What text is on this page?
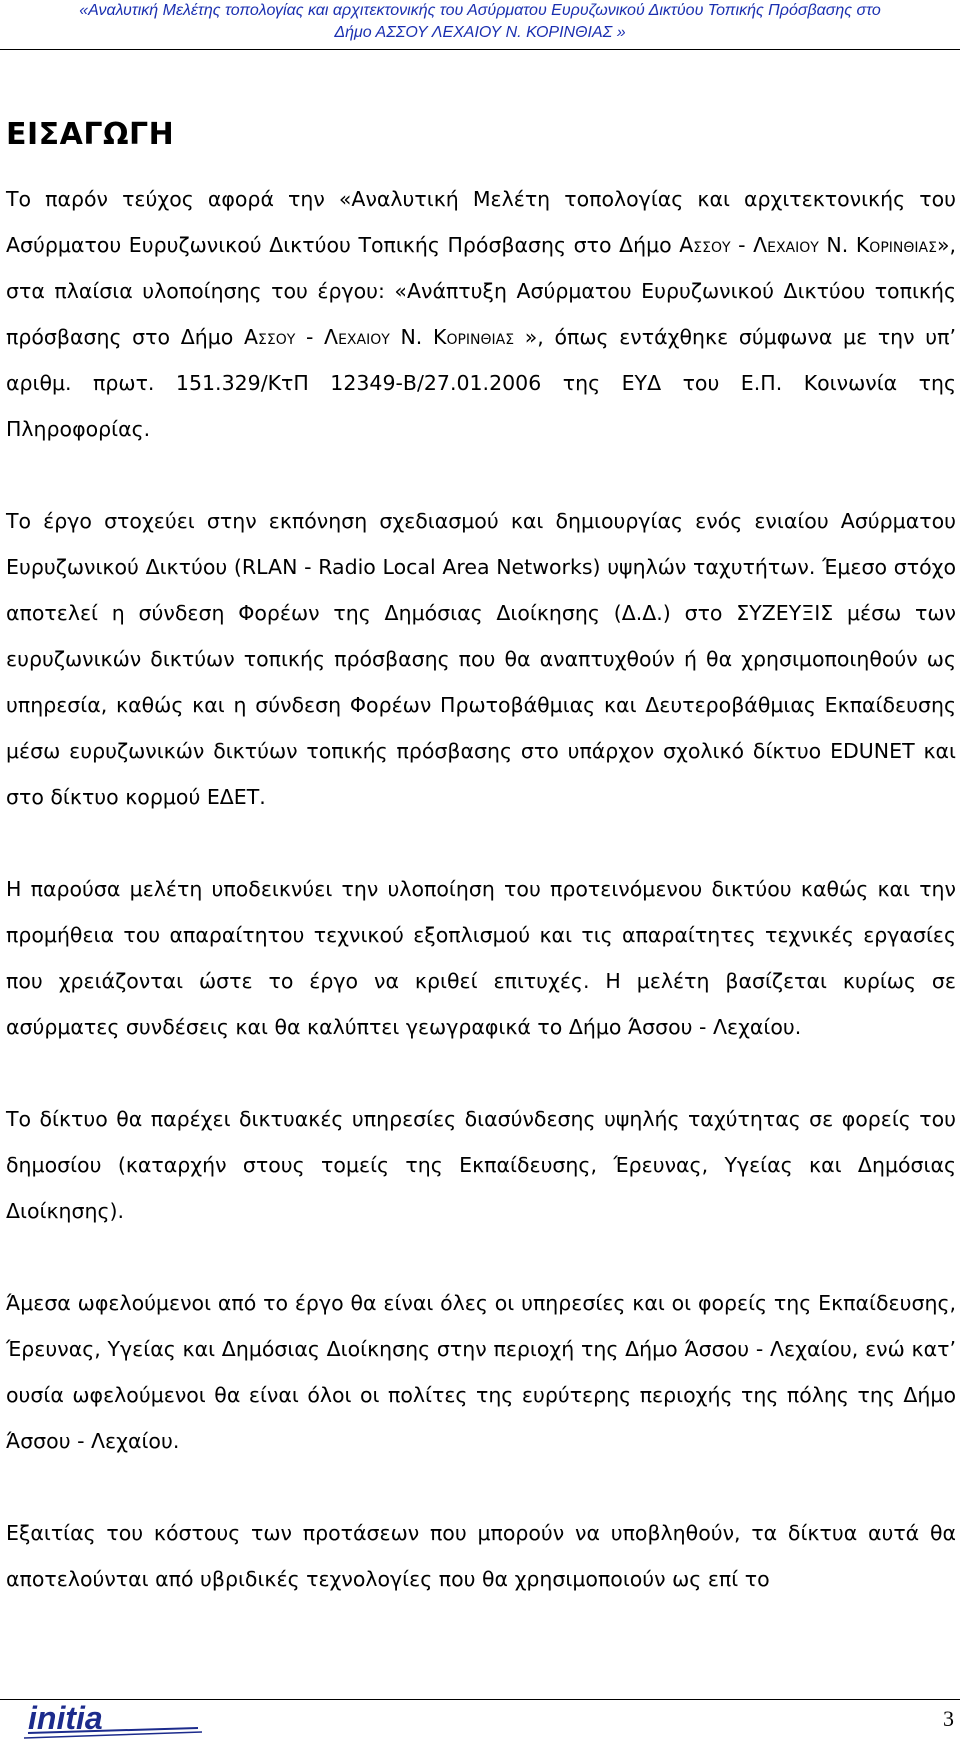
«Αναλυτική Μελέτης τοπολογίας και αρχιτεκτονικής του Ασύρματου Ευρυζωνικού Δικτύου Τοπικής Πρόσβασης στο
Δήμο ΑΣΣΟΥ ΛΕΧΑΙΟΥ Ν. ΚΟΡΙΝΘΙΑΣ »
ΕΙΣΑΓΩΓΗ

Το παρόν τεύχος αφορά την «Αναλυτική Μελέτη τοπολογίας και αρχιτεκτονικής του Ασύρματου Ευρυζωνικού Δικτύου Τοπικής Πρόσβασης στο Δήμο Ασσου - Λεχαιου Ν. Κορινθιας», στα πλαίσια υλοποίησης του έργου: «Ανάπτυξη Ασύρματου Ευρυζωνικού Δικτύου τοπικής πρόσβασης στο Δήμο Ασσου - Λεχαιου Ν. Κορινθιας », όπως εντάχθηκε σύμφωνα με την υπ’ αριθμ. πρωτ. 151.329/ΚτΠ 12349-Β/27.01.2006 της ΕΥΔ του Ε.Π. Κοινωνία της Πληροφορίας.

Το έργο στοχεύει στην εκπόνηση σχεδιασμού και δημιουργίας ενός ενιαίου Ασύρματου Ευρυζωνικού Δικτύου (RLAN - Radio Local Area Networks) υψηλών ταχυτήτων. Έμεσο στόχο αποτελεί η σύνδεση Φορέων της Δημόσιας Διοίκησης (Δ.Δ.) στο ΣΥΖΕΥΞΙΣ μέσω των ευρυζωνικών δικτύων τοπικής πρόσβασης που θα αναπτυχθούν ή θα χρησιμοποιηθούν ως υπηρεσία, καθώς και η σύνδεση Φορέων Πρωτοβάθμιας και Δευτεροβάθμιας Εκπαίδευσης μέσω ευρυζωνικών δικτύων τοπικής πρόσβασης στο υπάρχον σχολικό δίκτυο EDUNET και στο δίκτυο κορμού ΕΔΕΤ.

Η παρούσα μελέτη υποδεικνύει την υλοποίηση του προτεινόμενου δικτύου καθώς και την προμήθεια του απαραίτητου τεχνικού εξοπλισμού και τις απαραίτητες τεχνικές εργασίες που χρειάζονται ώστε το έργο να κριθεί επιτυχές. Η μελέτη βασίζεται κυρίως σε ασύρματες συνδέσεις και θα καλύπτει γεωγραφικά το Δήμο Άσσου - Λεχαίου.

Το δίκτυο θα παρέχει δικτυακές υπηρεσίες διασύνδεσης υψηλής ταχύτητας σε φορείς του δημοσίου (καταρχήν στους τομείς της Εκπαίδευσης, Έρευνας, Υγείας και Δημόσιας Διοίκησης).

Άμεσα ωφελούμενοι από το έργο θα είναι όλες οι υπηρεσίες και οι φορείς της Εκπαίδευσης, Έρευνας, Υγείας και Δημόσιας Διοίκησης στην περιοχή της Δήμο Άσσου - Λεχαίου, ενώ κατ’ ουσία ωφελούμενοι θα είναι όλοι οι πολίτες της ευρύτερης περιοχής της πόλης της Δήμο Άσσου - Λεχαίου.

Εξαιτίας του κόστους των προτάσεων που μπορούν να υποβληθούν, τα δίκτυα αυτά θα αποτελούνται από υβριδικές τεχνολογίες που θα χρησιμοποιούν ως επί το

initia	3
